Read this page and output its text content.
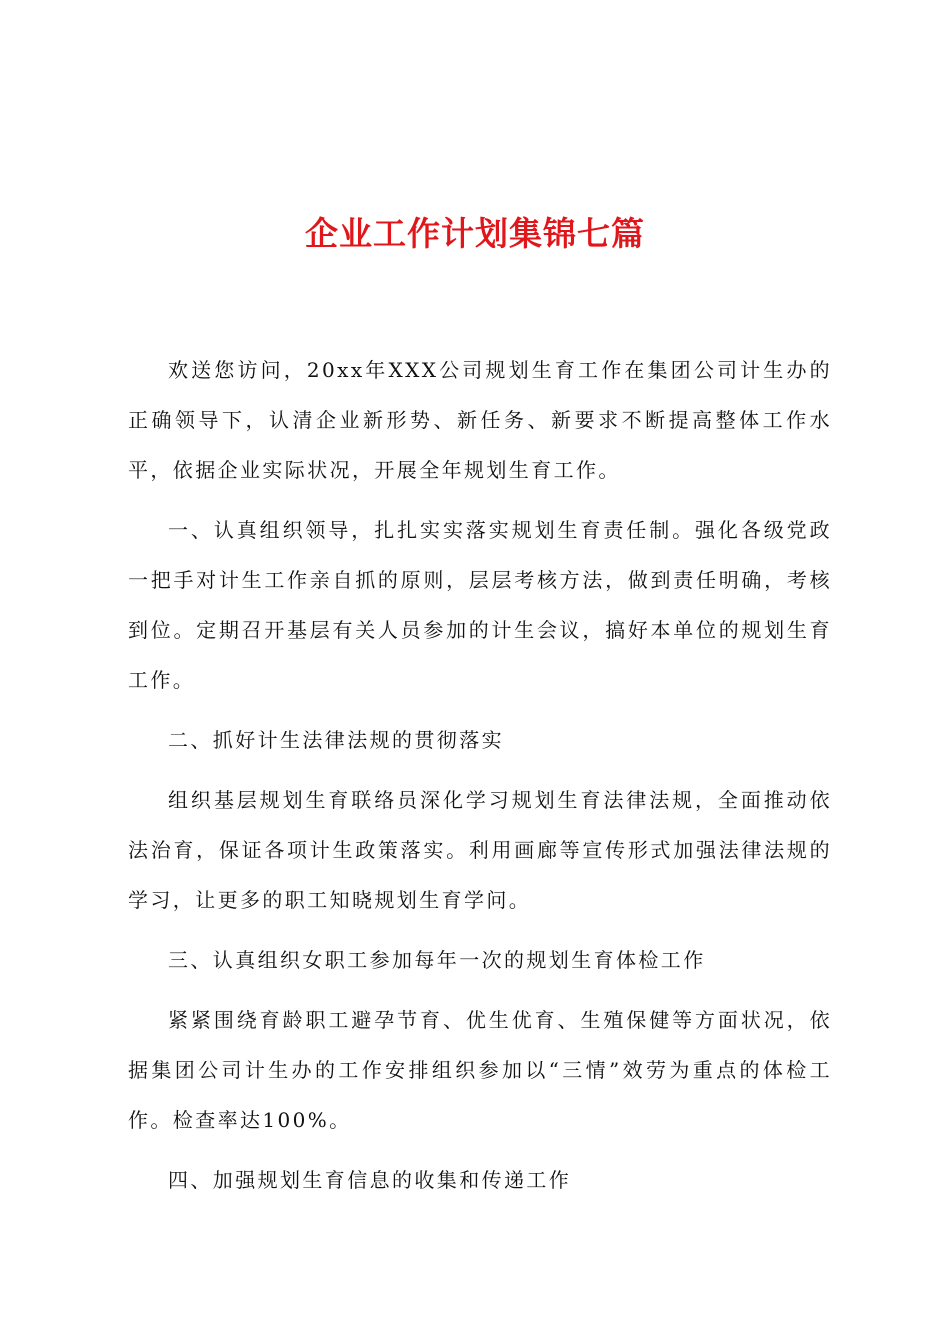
企业工作计划集锦七篇

欢送您访问，20xx年XXX公司规划生育工作在集团公司计生办的正确领导下，认清企业新形势、新任务、新要求不断提高整体工作水平，依据企业实际状况，开展全年规划生育工作。

一、认真组织领导，扎扎实实落实规划生育责任制。强化各级党政一把手对计生工作亲自抓的原则，层层考核方法，做到责任明确，考核到位。定期召开基层有关人员参加的计生会议，搞好本单位的规划生育工作。

二、抓好计生法律法规的贯彻落实

组织基层规划生育联络员深化学习规划生育法律法规，全面推动依法治育，保证各项计生政策落实。利用画廊等宣传形式加强法律法规的学习，让更多的职工知晓规划生育学问。

三、认真组织女职工参加每年一次的规划生育体检工作

紧紧围绕育龄职工避孕节育、优生优育、生殖保健等方面状况，依据集团公司计生办的工作安排组织参加以“三情”效劳为重点的体检工作。检查率达100%。

四、加强规划生育信息的收集和传递工作
